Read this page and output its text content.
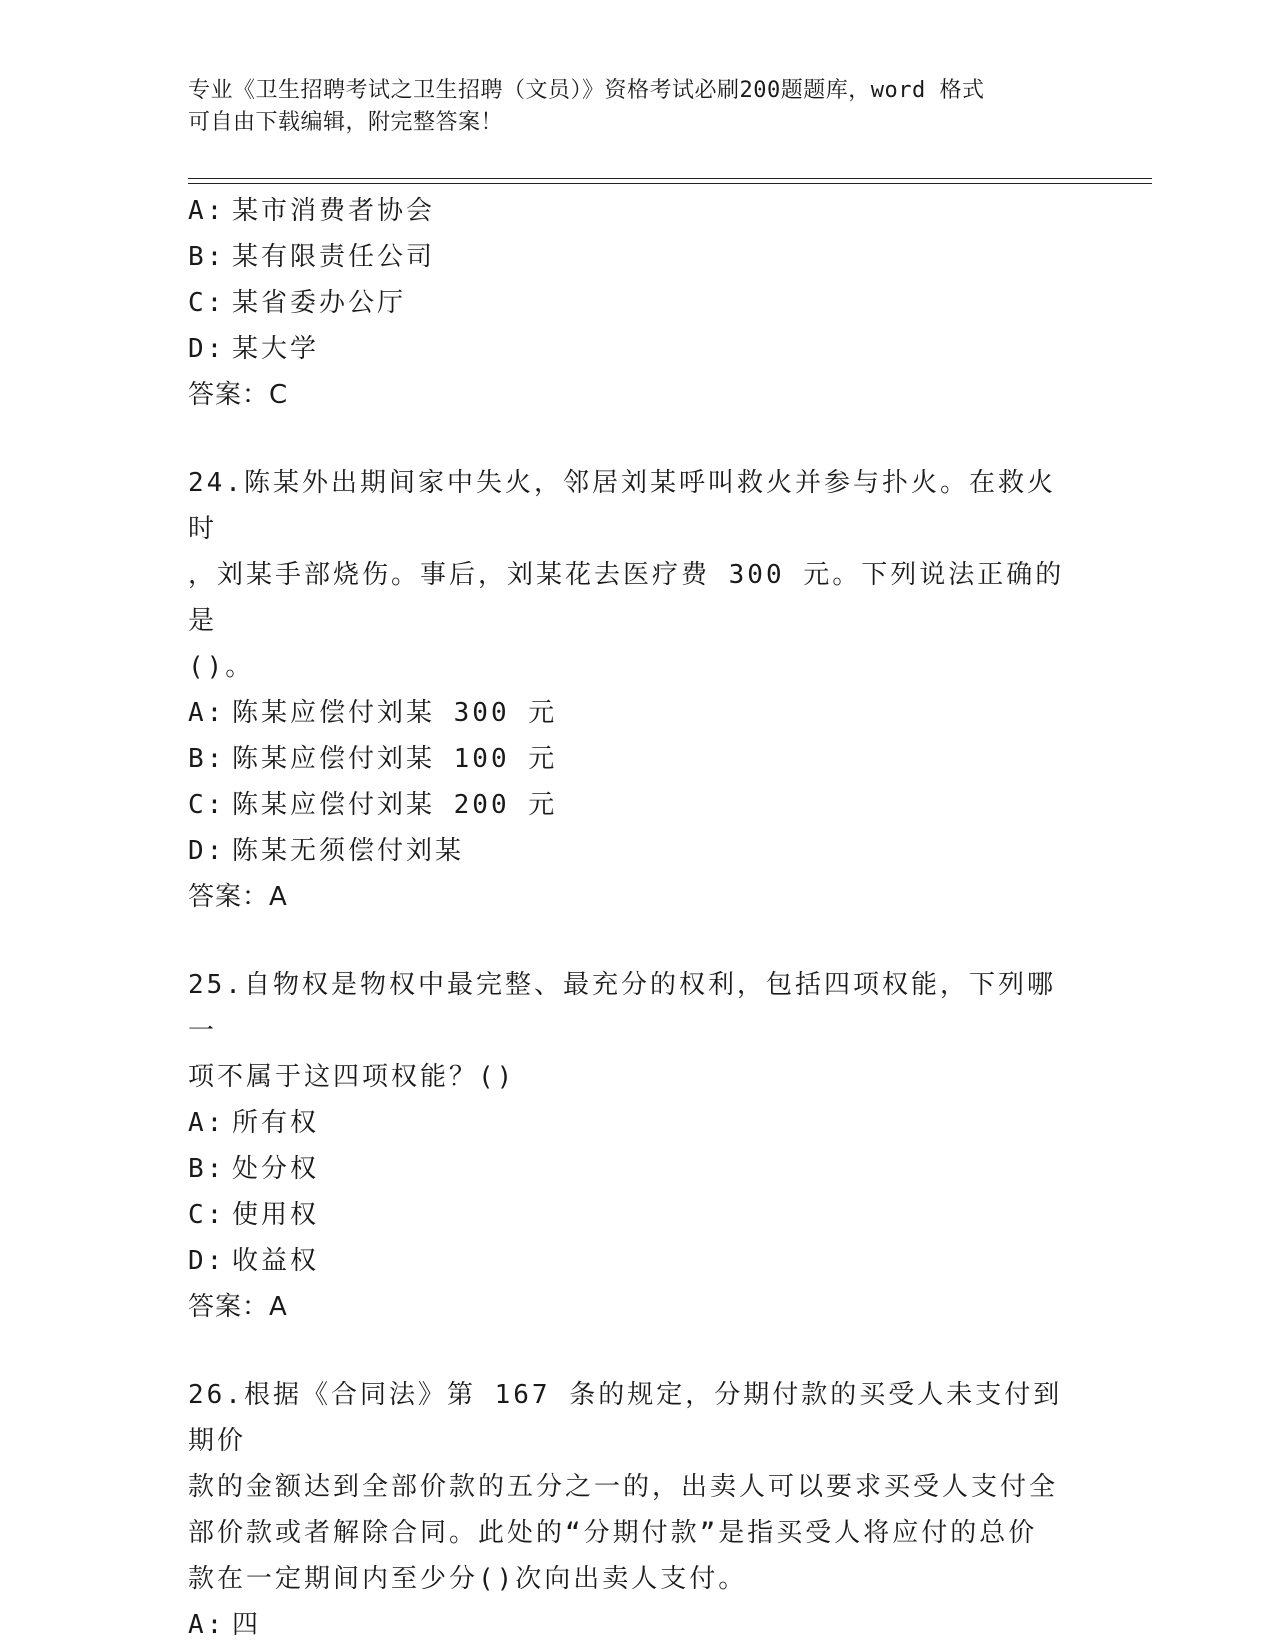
专业《卫生招聘考试之卫生招聘（文员）》资格考试必刷200题题库，word 格式
可自由下载编辑，附完整答案！
A: 某市消费者协会
B: 某有限责任公司
C: 某省委办公厅
D: 某大学
答案：C
24.陈某外出期间家中失火，邻居刘某呼叫救火并参与扑火。在救火时
，刘某手部烧伤。事后，刘某花去医疗费 300 元。下列说法正确的是
()。
A: 陈某应偿付刘某 300 元
B: 陈某应偿付刘某 100 元
C: 陈某应偿付刘某 200 元
D: 陈某无须偿付刘某
答案：A
25.自物权是物权中最完整、最充分的权利，包括四项权能，下列哪一
项不属于这四项权能？()
A: 所有权
B: 处分权
C: 使用权
D: 收益权
答案：A
26.根据《合同法》第 167 条的规定，分期付款的买受人未支付到期价
款的金额达到全部价款的五分之一的，出卖人可以要求买受人支付全
部价款或者解除合同。此处的“分期付款”是指买受人将应付的总价
款在一定期间内至少分()次向出卖人支付。
A: 四
